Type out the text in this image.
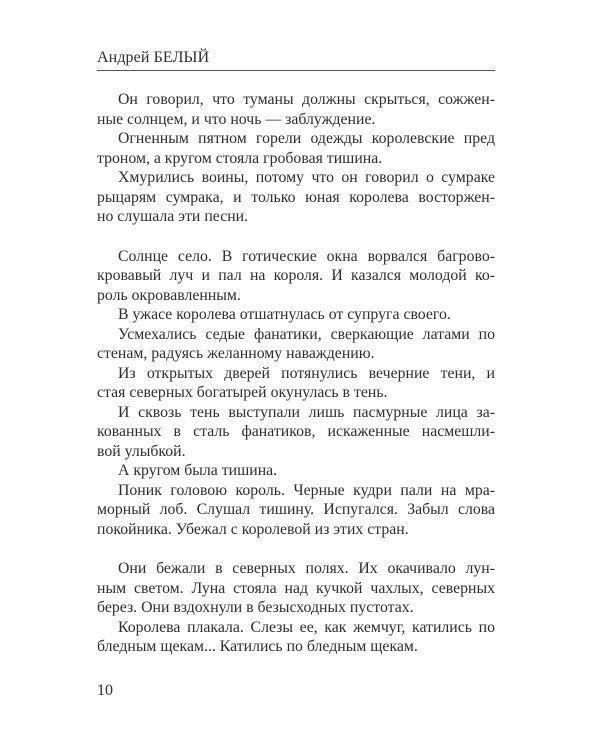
Андрей БЕЛЫЙ
Он говорил, что туманы должны скрыться, сожжен-
ные солнцем, и что ночь — заблуждение.
Огненным пятном горели одежды королевские пред
троном, а кругом стояла гробовая тишина.
Хмурились воины, потому что он говорил о сумраке
рыцарям сумрака, и только юная королева восторжен-
но слушала эти песни.
Солнце село. В готические окна ворвался багрово-
кровавый луч и пал на короля. И казался молодой ко-
роль окровавленным.
В ужасе королева отшатнулась от супруга своего.
Усмехались седые фанатики, сверкающие латами по
стенам, радуясь желанному наваждению.
Из открытых дверей потянулись вечерние тени, и
стая северных богатырей окунулась в тень.
И сквозь тень выступали лишь пасмурные лица за-
кованных в сталь фанатиков, искаженные насмешли-
вой улыбкой.
А кругом была тишина.
Поник головою король. Черные кудри пали на мра-
морный лоб. Слушал тишину. Испугался. Забыл слова
покойника. Убежал с королевой из этих стран.
Они бежали в северных полях. Их окачивало лун-
ным светом. Луна стояла над кучкой чахлых, северных
берез. Они вздохнули в безысходных пустотах.
Королева плакала. Слезы ее, как жемчуг, катились по
бледным щекам... Катились по бледным щекам.
10
